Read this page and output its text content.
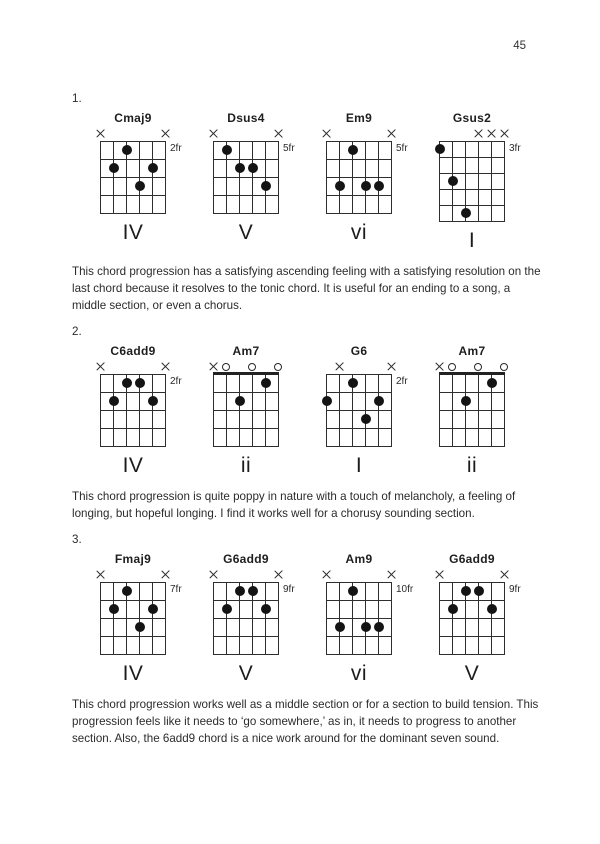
45
1.
Cmaj9
2fr
IV
Dsus4
5fr
V
Em9
5fr
vi
Gsus2
3fr
I

This chord progression has a satisfying ascending feeling with a satisfying resolution on the last chord because it resolves to the tonic chord. It is useful for an ending to a song, a middle section, or even a chorus.

2.
C6add9
2fr
IV
Am7
ii
G6
2fr
I
Am7
ii

This chord progression is quite poppy in nature with a touch of melancholy, a feeling of longing, but hopeful longing. I find it works well for a chorusy sounding section.

3.
Fmaj9
7fr
IV
G6add9
9fr
V
Am9
10fr
vi
G6add9
9fr
V

This chord progression works well as a middle section or for a section to build tension. This progression feels like it needs to ‘go somewhere,’ as in, it needs to progress to another section. Also, the 6add9 chord is a nice work around for the dominant seven sound.
